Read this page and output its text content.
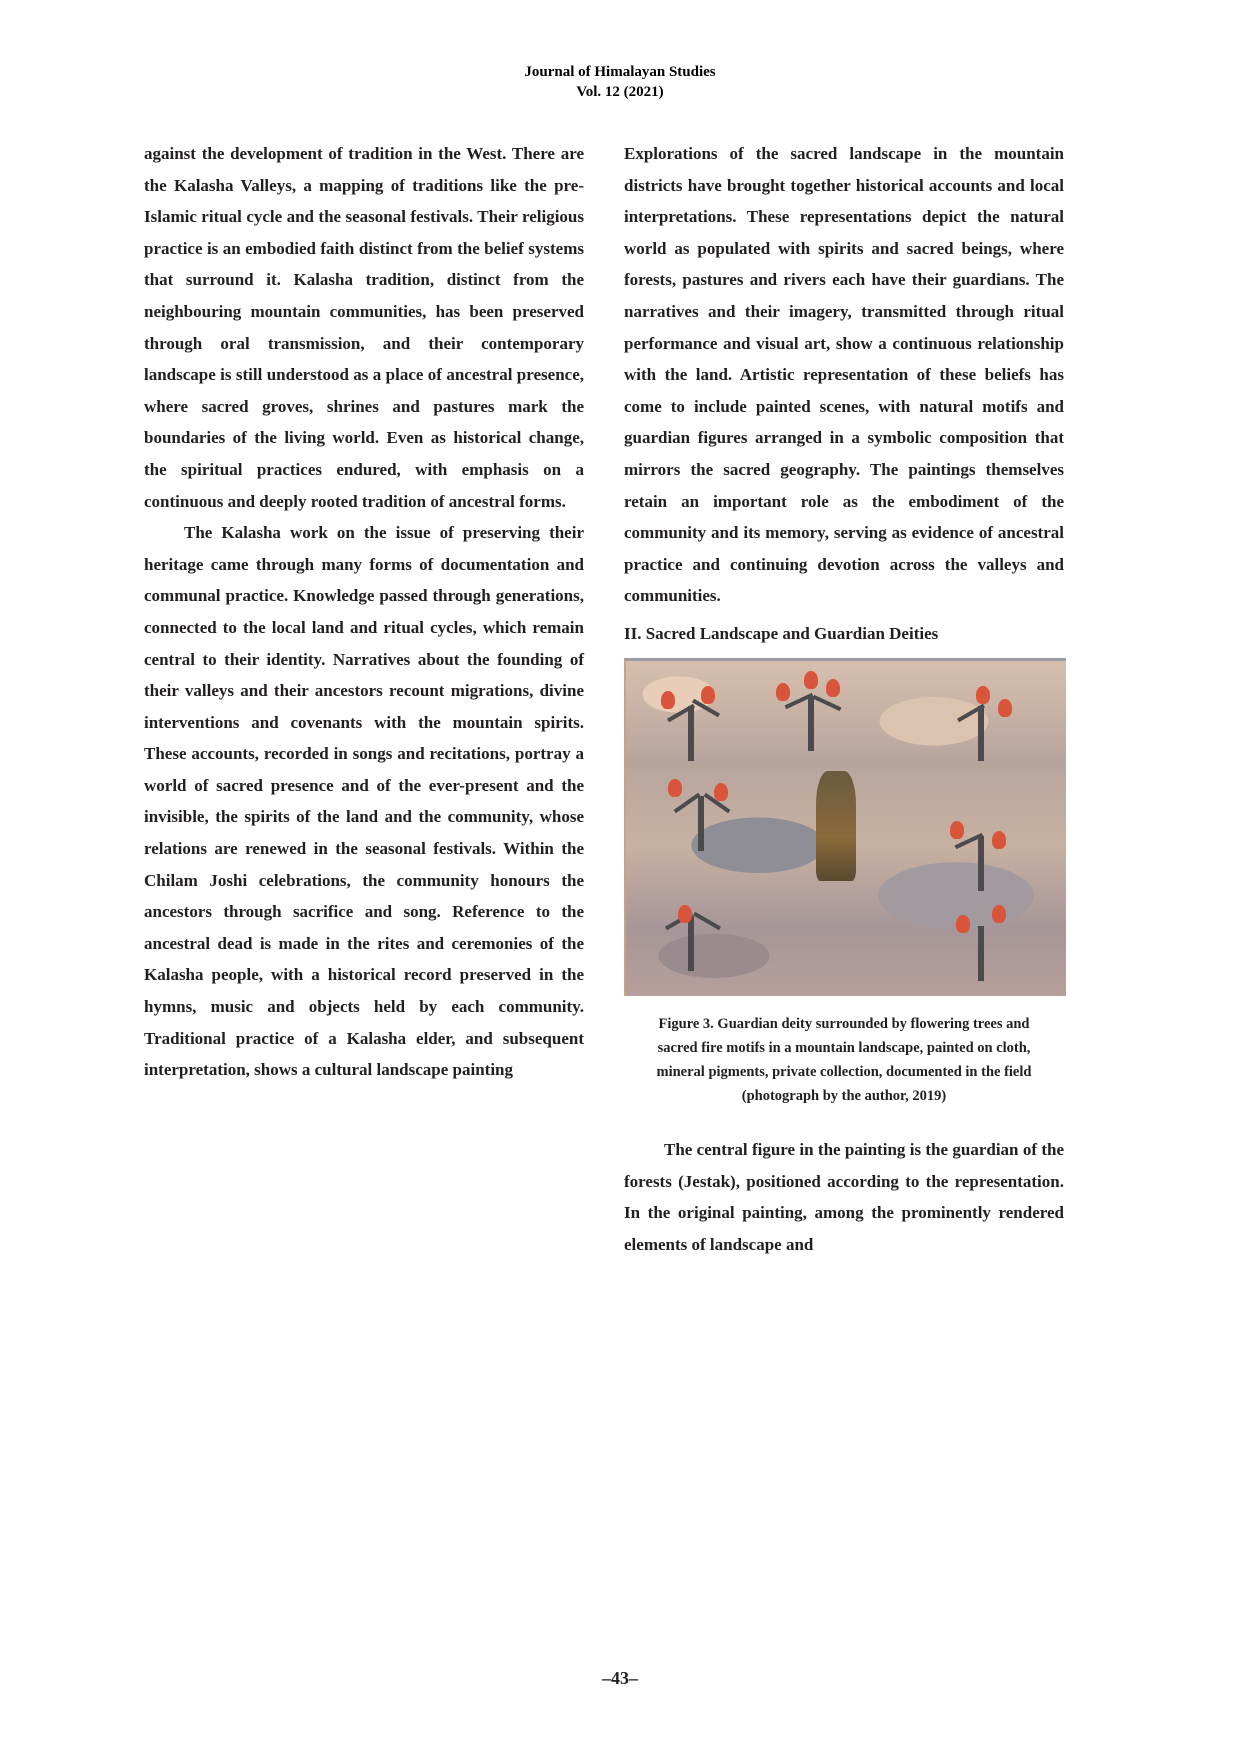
Journal of Himalayan Studies
Vol. 12 (2021)

against the development of tradition in the West. There are the Kalasha Valleys, a mapping of traditions like the pre-Islamic ritual cycle and the seasonal festivals. Their religious practice is an embodied faith distinct from the belief systems that surround it. Kalasha tradition, distinct from the neighbouring mountain communities, has been preserved through oral transmission, and their contemporary landscape is still understood as a place of ancestral presence, where sacred groves, shrines and pastures mark the boundaries of the living world. Even as historical change, the spiritual practices endured, with emphasis on a continuous and deeply rooted tradition of ancestral forms.

The Kalasha work on the issue of preserving their heritage came through many forms of documentation and communal practice. Knowledge passed through generations, connected to the local land and ritual cycles, which remain central to their identity. Narratives about the founding of their valleys and their ancestors recount migrations, divine interventions and covenants with the mountain spirits. These accounts, recorded in songs and recitations, portray a world of sacred presence and of the ever-present and the invisible, the spirits of the land and the community, whose relations are renewed in the seasonal festivals. Within the Chilam Joshi celebrations, the community honours the ancestors through sacrifice and song. Reference to the ancestral dead is made in the rites and ceremonies of the Kalasha people, with a historical record preserved in the hymns, music and objects held by each community. Traditional practice of a Kalasha elder, and subsequent interpretation, shows a cultural landscape painting

Explorations of the sacred landscape in the mountain districts have brought together historical accounts and local interpretations. These representations depict the natural world as populated with spirits and sacred beings, where forests, pastures and rivers each have their guardians. The narratives and their imagery, transmitted through ritual performance and visual art, show a continuous relationship with the land. Artistic representation of these beliefs has come to include painted scenes, with natural motifs and guardian figures arranged in a symbolic composition that mirrors the sacred geography. The paintings themselves retain an important role as the embodiment of the community and its memory, serving as evidence of ancestral practice and continuing devotion across the valleys and communities.

II. Sacred Landscape and Guardian Deities
Figure 3. Guardian deity surrounded by flowering trees and
sacred fire motifs in a mountain landscape, painted on cloth,
mineral pigments, private collection, documented in the field
(photograph by the author, 2019)

The central figure in the painting is the guardian of the forests (Jestak), positioned according to the representation. In the original painting, among the prominently rendered elements of landscape and

–43–
